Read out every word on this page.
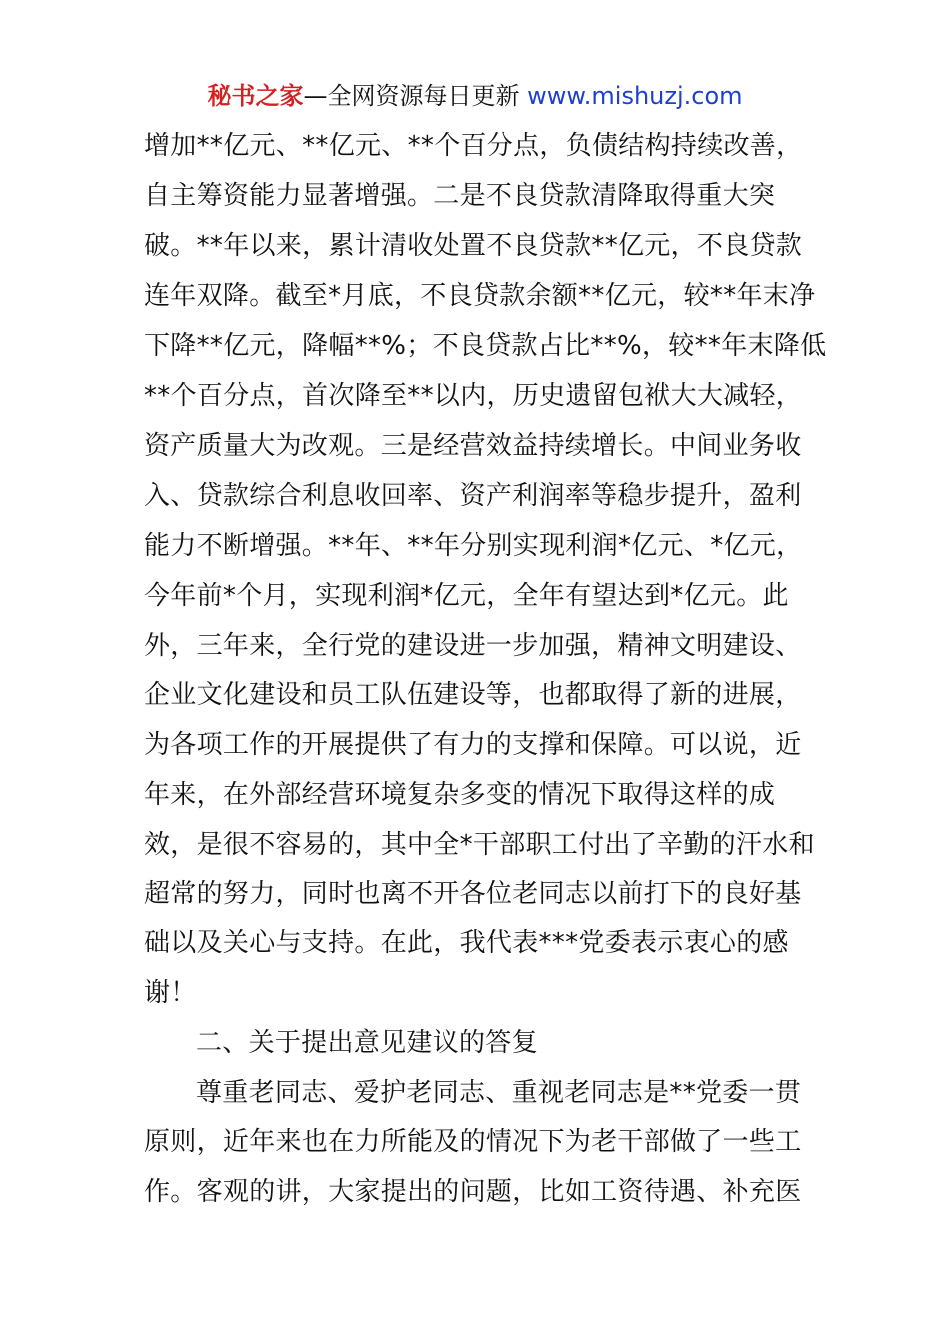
秘书之家—全网资源每日更新 www.mishuzj.com
增加**亿元、**亿元、**个百分点，负债结构持续改善，
自主筹资能力显著增强。二是不良贷款清降取得重大突
破。**年以来，累计清收处置不良贷款**亿元，不良贷款
连年双降。截至*月底，不良贷款余额**亿元，较**年末净
下降**亿元，降幅**%；不良贷款占比**%，较**年末降低
**个百分点，首次降至**以内，历史遗留包袱大大减轻，
资产质量大为改观。三是经营效益持续增长。中间业务收
入、贷款综合利息收回率、资产利润率等稳步提升，盈利
能力不断增强。**年、**年分别实现利润*亿元、*亿元，
今年前*个月，实现利润*亿元，全年有望达到*亿元。此
外，三年来，全行党的建设进一步加强，精神文明建设、
企业文化建设和员工队伍建设等，也都取得了新的进展，
为各项工作的开展提供了有力的支撑和保障。可以说，近
年来，在外部经营环境复杂多变的情况下取得这样的成
效，是很不容易的，其中全*干部职工付出了辛勤的汗水和
超常的努力，同时也离不开各位老同志以前打下的良好基
础以及关心与支持。在此，我代表***党委表示衷心的感
谢！
二、关于提出意见建议的答复
尊重老同志、爱护老同志、重视老同志是**党委一贯
原则，近年来也在力所能及的情况下为老干部做了一些工
作。客观的讲，大家提出的问题，比如工资待遇、补充医
